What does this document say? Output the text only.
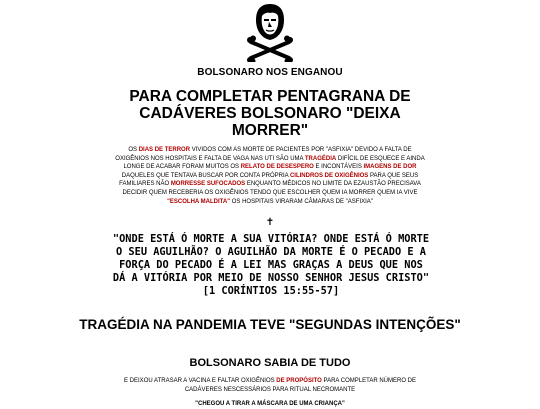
BOLSONARO NOS ENGANOU
PARA COMPLETAR PENTAGRANA DE CADÁVERES BOLSONARO "DEIXA MORRER"
OS DIAS DE TERROR VIVIDOS COM AS MORTE DE PACIENTES POR "ASFIXIA" DEVIDO A FALTA DE OXIGÊNIOS NOS HOSPITAIS E FALTA DE VAGA NAS UTI SÃO UMA TRAGÉDIA DIFÍCIL DE ESQUECE E AINDA LONGE DE ACABAR FORAM MUITOS OS RELATO DE DESESPERO E INCONTÁVEIS IMAGENS DE DOR DAQUELES QUE TENTAVA BUSCAR POR CONTA PRÓPRIA CILINDROS DE OXIGÊNIOS PARA QUE SEUS FAMILIARES NÃO MORRESSE SUFOCADOS ENQUANTO MÉDICOS NO LIMITE DA EZAUSTÃO PRECISAVA DECIDIR QUEM RECEBERIA OS OXIGÊNIOS TENDO QUE ESCOLHER QUEM IA MORRER QUEM IA VIVE "ESCOLHA MALDITA" OS HOSPITAIS VIRARAM CÂMARAS DE "ASFIXIA"
✝
"ONDE ESTÁ Ó MORTE A SUA VITÓRIA? ONDE ESTÁ Ó MORTE O SEU AGUILHÃO? O AGUILHÃO DA MORTE É O PECADO E A FORÇA DO PECADO É A LEI MAS GRAÇAS A DEUS QUE NOS DÁ A VITÓRIA POR MEIO DE NOSSO SENHOR JESUS CRISTO"
[1 CORÍNTIOS 15:55-57]
TRAGÉDIA NA PANDEMIA TEVE "SEGUNDAS INTENÇÕES"
BOLSONARO SABIA DE TUDO
E DEIXOU ATRASAR A VACINA E FALTAR OXIGÊNIOS DE PROPÓSITO PARA COMPLETAR NÚMERO DE CADÁVERES NESCESSÁRIOS PARA RITUAL NECROMANTE
"CHEGOU A TIRAR A MÁSCARA DE UMA CRIANÇA"
